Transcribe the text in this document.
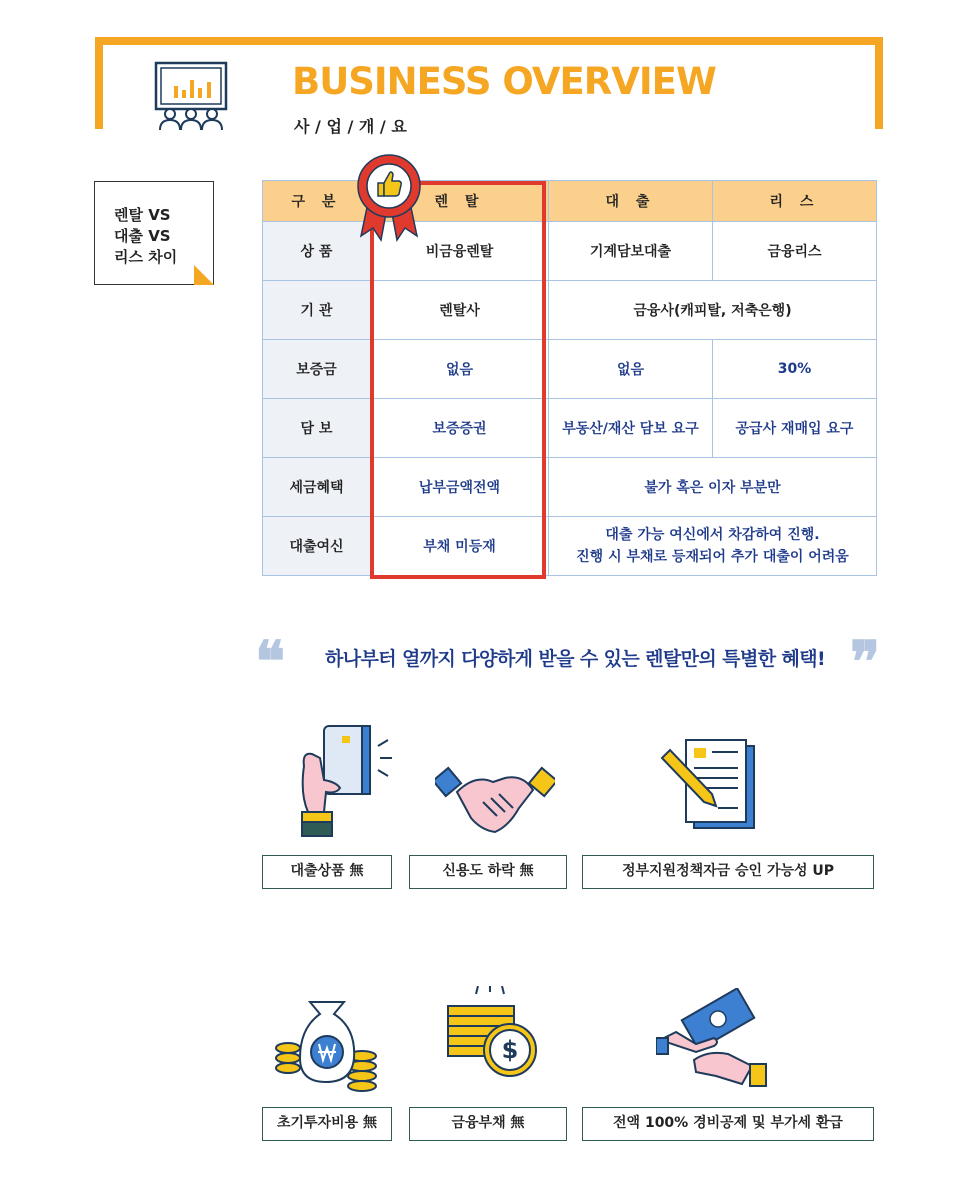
BUSINESS OVERVIEW
사 / 업 / 개 / 요
렌탈 VS
대출 VS
리스 차이
구 분	렌 탈	대 출	리 스
상 품	비금융렌탈	기계담보대출	금융리스
기 관	렌탈사	금융사(캐피탈, 저축은행)	
보증금	없음	없음	30%
담 보	보증증권	부동산/재산 담보 요구	공급사 재매입 요구
세금혜택	납부금액전액	불가 혹은 이자 부분만	
대출여신	부채 미등재	대출 가능 여신에서 차감하여 진행.
진행 시 부채로 등재되어 추가 대출이 어려움	
❝ 하나부터 열까지 다양하게 받을 수 있는 렌탈만의 특별한 혜택! ❞
대출상품 無	신용도 하락 無	정부지원정책자금 승인 가능성 UP
$
초기투자비용 無	금융부채 無	전액 100% 경비공제 및 부가세 환급
